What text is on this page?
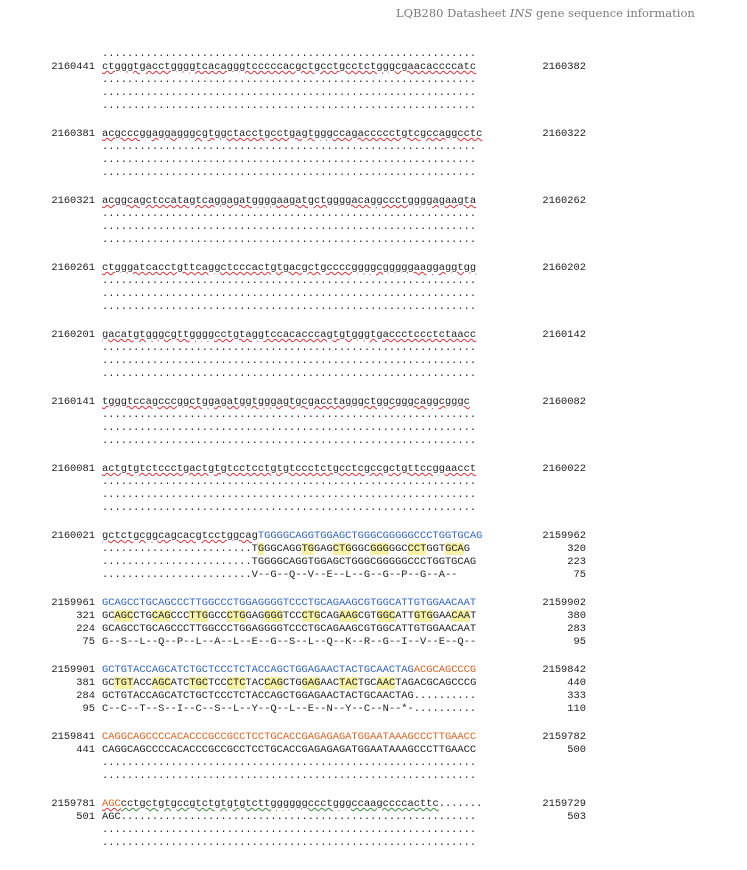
LQB280 Datasheet INS gene sequence information

............................................................

2160441 ctgggtgacctggggtcacagggtcccccacgctgcctgcctctgggcgaacaccccatc	2160382
............................................................
............................................................
............................................................
2160381 acgcccggaggagggcgtggctacctgcctgagtgggccagaccccctgtcgccaggcctc	2160322
............................................................
............................................................
............................................................
2160321 acggcagctccatagtcaggagatggggaagatgctggggacaggccctggggagaagta	2160262
............................................................
............................................................
............................................................
2160261 ctgggatcacctgttcaggctcccactgtgacgctgccccggggcgggggaaggaggtgg	2160202
............................................................
............................................................
............................................................
2160201 gacatgtgggcgttggggcctgtaggtccacacccagtgtgggtgaccctccctctaacc	2160142
............................................................
............................................................
............................................................
2160141 tgggtccagcccggctggagatggtgggagtgcgacctagggctggcgggcaggcgggc	2160082
............................................................
............................................................
............................................................
2160081 actgtgtctccctgactgtgtcctcctgtgtccctctgcctcgccgctgttccggaacct	2160022
............................................................
............................................................
............................................................
2160021 gctctgcggcagcacgtcctggcagTGGGGCAGGTGGAGCTGGGCGGGGGCCCTGGTGCAG	2159962
........................TGGGCAGGTGGAGCTGGGCGGGGGCCCTGGTGCAG	320
........................TGGGGCAGGTGGAGCTGGGCGGGGGCCCTGGTGCAG	223
........................V--G--Q--V--E--L--G--G--P--G--A--	75
2159961 GCAGCCTGCAGCCCTTGGCCCTGGAGGGGTCCCTGCAGAAGCGTGGCATTGTGGAACAAT	2159902
321 GCAGCCTGCAGCCCTTGGCCCTGGAGGGGTCCCTGCAGAAGCGTGGCATTGTGGAACAAT	380
224 GCAGCCTGCAGCCCTTGGCCCTGGAGGGGTCCCTGCAGAAGCGTGGCATTGTGGAACAAT	283
75 G--S--L--Q--P--L--A--L--E--G--S--L--Q--K--R--G--I--V--E--Q--	95
2159901 GCTGTACCAGCATCTGCTCCCTCTACCAGCTGGAGAACTACTGCAACTAGACGCAGCCCG	2159842
381 GCTGTACCAGCATCTGCTCCCTCTACCAGCTGGAGAACTACTGCAACTAGACGCAGCCCG	440
284 GCTGTACCAGCATCTGCTCCCTCTACCAGCTGGAGAACTACTGCAACTAG..........	333
95 C--C--T--S--I--C--S--L--Y--Q--L--E--N--Y--C--N--*-..........	110
2159841 CAGGCAGCCCCACACCCGCCGCCTCCTGCACCGAGAGAGATGGAATAAAGCCCTTGAACC	2159782
441 CAGGCAGCCCCACACCCGCCGCCTCCTGCACCGAGAGAGATGGAATAAAGCCCTTGAACC	500
............................................................
............................................................
2159781 AGCcctgctgtgccgtctgtgtgtcttggggggccctgggccaagccccacttc.......	2159729
501 AGC.........................................................	503
............................................................
............................................................
